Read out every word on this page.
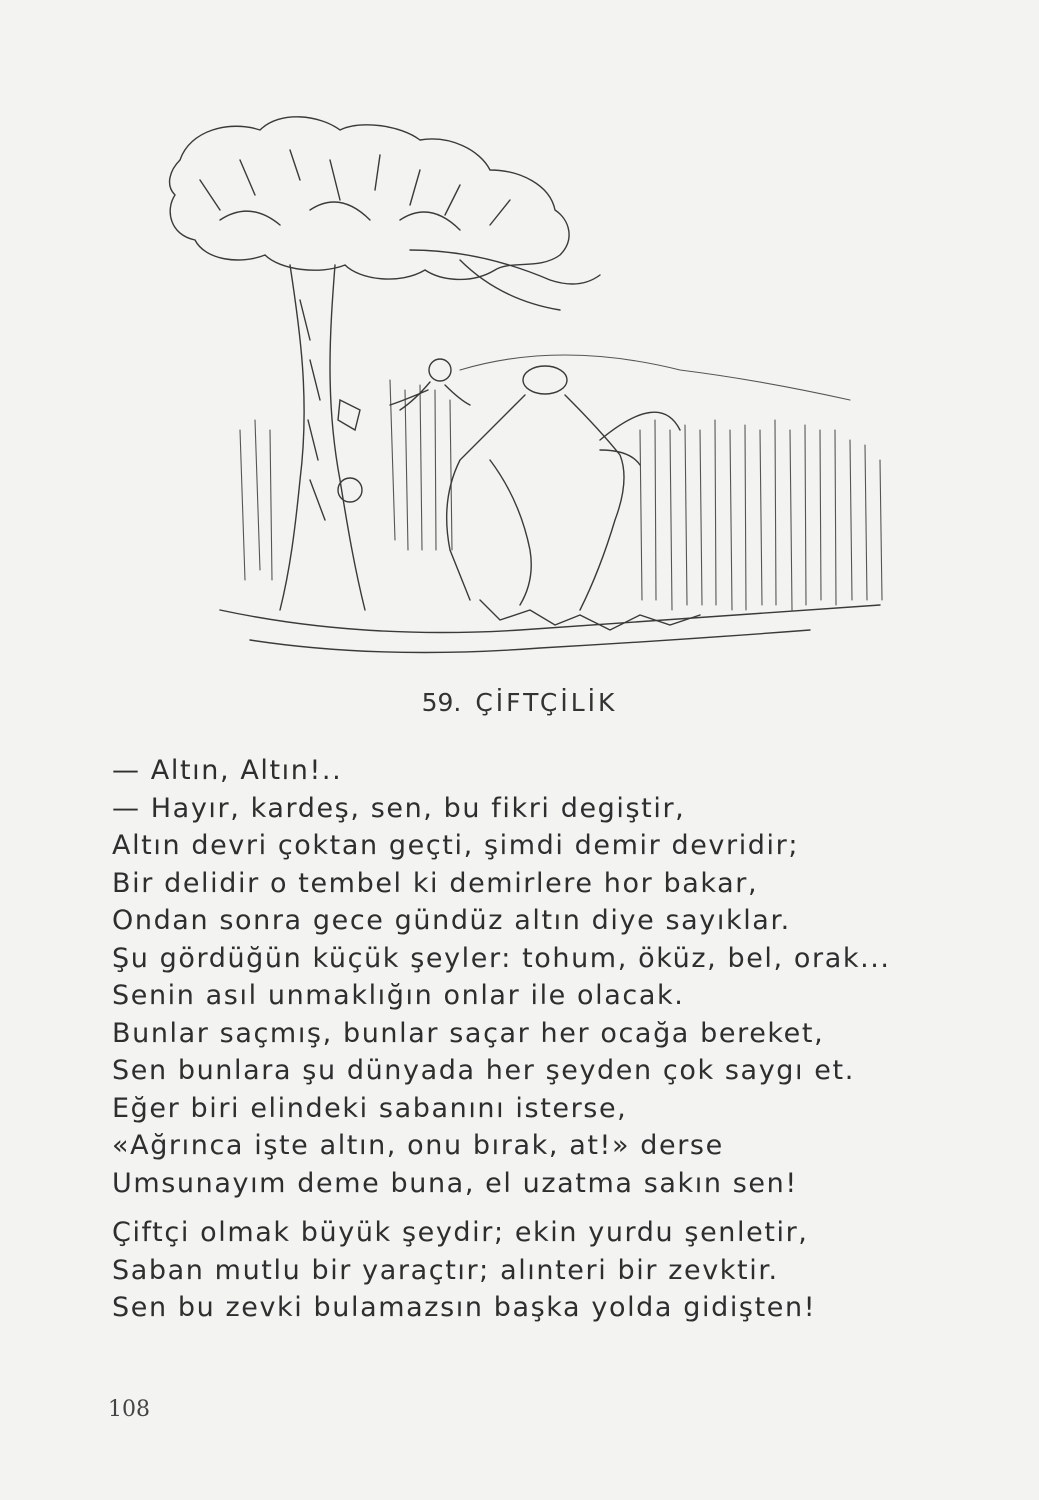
59. ÇİFTÇİLİK
— Altın, Altın!..
— Hayır, kardeş, sen, bu fikri degiştir,
Altın devri çoktan geçti, şimdi demir devridir;
Bir delidir o tembel ki demirlere hor bakar,
Ondan sonra gece gündüz altın diye sayıklar.
Şu gördüğün küçük şeyler: tohum, öküz, bel, orak...
Senin asıl unmaklığın onlar ile olacak.
Bunlar saçmış, bunlar saçar her ocağa bereket,
Sen bunlara şu dünyada her şeyden çok saygı et.
Eğer biri elindeki sabanını isterse,
«Ağrınca işte altın, onu bırak, at!» derse
Umsunayım deme buna, el uzatma sakın sen!
Çiftçi olmak büyük şeydir; ekin yurdu şenletir,
Saban mutlu bir yaraçtır; alınteri bir zevktir.
Sen bu zevki bulamazsın başka yolda gidişten!
108
